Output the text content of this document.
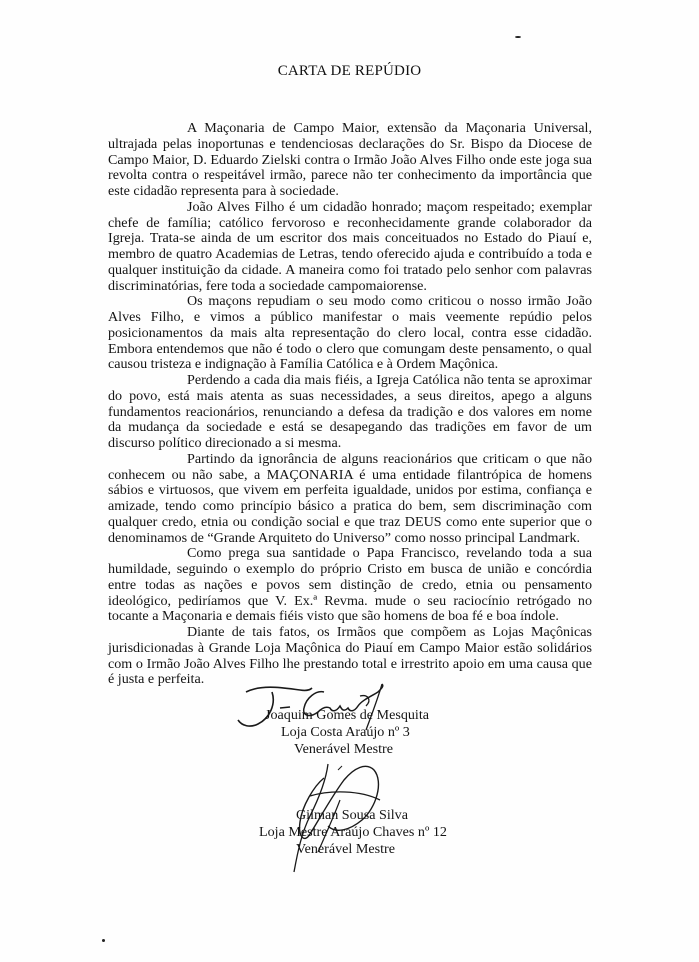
CARTA DE REPÚDIO

A Maçonaria de Campo Maior, extensão da Maçonaria Universal, ultrajada pelas inoportunas e tendenciosas declarações do Sr. Bispo da Diocese de Campo Maior, D. Eduardo Zielski contra o Irmão João Alves Filho onde este joga sua revolta contra o respeitável irmão, parece não ter conhecimento da importância que este cidadão representa para à sociedade.

João Alves Filho é um cidadão honrado; maçom respeitado; exemplar chefe de família; católico fervoroso e reconhecidamente grande colaborador da Igreja. Trata-se ainda de um escritor dos mais conceituados no Estado do Piauí e, membro de quatro Academias de Letras, tendo oferecido ajuda e contribuído a toda e qualquer instituição da cidade. A maneira como foi tratado pelo senhor com palavras discriminatórias, fere toda a sociedade campomaiorense.

Os maçons repudiam o seu modo como criticou o nosso irmão João Alves Filho, e vimos a público manifestar o mais veemente repúdio pelos posicionamentos da mais alta representação do clero local, contra esse cidadão. Embora entendemos que não é todo o clero que comungam deste pensamento, o qual causou tristeza e indignação à Família Católica e à Ordem Maçônica.

Perdendo a cada dia mais fiéis, a Igreja Católica não tenta se aproximar do povo, está mais atenta as suas necessidades, a seus direitos, apego a alguns fundamentos reacionários, renunciando a defesa da tradição e dos valores em nome da mudança da sociedade e está se desapegando das tradições em favor de um discurso político direcionado a si mesma.

Partindo da ignorância de alguns reacionários que criticam o que não conhecem ou não sabe, a MAÇONARIA é uma entidade filantrópica de homens sábios e virtuosos, que vivem em perfeita igualdade, unidos por estima, confiança e amizade, tendo como princípio básico a pratica do bem, sem discriminação com qualquer credo, etnia ou condição social e que traz DEUS como ente superior que o denominamos de “Grande Arquiteto do Universo” como nosso principal Landmark.

Como prega sua santidade o Papa Francisco, revelando toda a sua humildade, seguindo o exemplo do próprio Cristo em busca de união e concórdia entre todas as nações e povos sem distinção de credo, etnia ou pensamento ideológico, pediríamos que V. Ex.ª Revma. mude o seu raciocínio retrógado no tocante a Maçonaria e demais fiéis visto que são homens de boa fé e boa índole.

Diante de tais fatos, os Irmãos que compõem as Lojas Maçônicas jurisdicionadas à Grande Loja Maçônica do Piauí em Campo Maior estão solidários com o Irmão João Alves Filho lhe prestando total e irrestrito apoio em uma causa que é justa e perfeita.

Joaquim Gomes de Mesquita
Loja Costa Araújo nº 3
Venerável Mestre
Gilman Sousa Silva
Loja Mestre Araújo Chaves nº 12
Venerável Mestre
